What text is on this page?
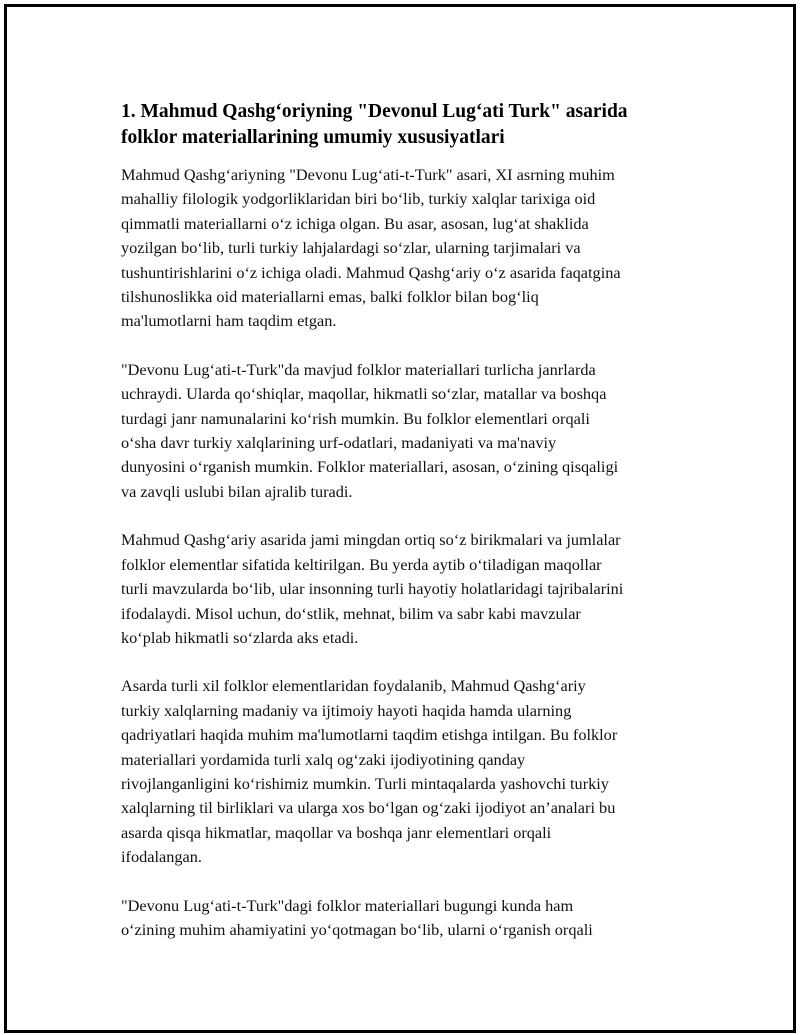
1. Mahmud Qashg‘oriyning "Devonul Lug‘ati Turk" asarida
folklor materiallarining umumiy xususiyatlari

Mahmud Qashg‘ariyning "Devonu Lug‘ati-t-Turk" asari, XI asrning muhim
mahalliy filologik yodgorliklaridan biri bo‘lib, turkiy xalqlar tarixiga oid
qimmatli materiallarni o‘z ichiga olgan. Bu asar, asosan, lug‘at shaklida
yozilgan bo‘lib, turli turkiy lahjalardagi so‘zlar, ularning tarjimalari va
tushuntirishlarini o‘z ichiga oladi. Mahmud Qashg‘ariy o‘z asarida faqatgina
tilshunoslikka oid materiallarni emas, balki folklor bilan bog‘liq
ma'lumotlarni ham taqdim etgan.

"Devonu Lug‘ati-t-Turk"da mavjud folklor materiallari turlicha janrlarda
uchraydi. Ularda qo‘shiqlar, maqollar, hikmatli so‘zlar, matallar va boshqa
turdagi janr namunalarini ko‘rish mumkin. Bu folklor elementlari orqali
o‘sha davr turkiy xalqlarining urf-odatlari, madaniyati va ma'naviy
dunyosini o‘rganish mumkin. Folklor materiallari, asosan, o‘zining qisqaligi
va zavqli uslubi bilan ajralib turadi.

Mahmud Qashg‘ariy asarida jami mingdan ortiq so‘z birikmalari va jumlalar
folklor elementlar sifatida keltirilgan. Bu yerda aytib o‘tiladigan maqollar
turli mavzularda bo‘lib, ular insonning turli hayotiy holatlaridagi tajribalarini
ifodalaydi. Misol uchun, do‘stlik, mehnat, bilim va sabr kabi mavzular
ko‘plab hikmatli so‘zlarda aks etadi.

Asarda turli xil folklor elementlaridan foydalanib, Mahmud Qashg‘ariy
turkiy xalqlarning madaniy va ijtimoiy hayoti haqida hamda ularning
qadriyatlari haqida muhim ma'lumotlarni taqdim etishga intilgan. Bu folklor
materiallari yordamida turli xalq og‘zaki ijodiyotining qanday
rivojlanganligini ko‘rishimiz mumkin. Turli mintaqalarda yashovchi turkiy
xalqlarning til birliklari va ularga xos bo‘lgan og‘zaki ijodiyot an’analari bu
asarda qisqa hikmatlar, maqollar va boshqa janr elementlari orqali
ifodalangan.

"Devonu Lug‘ati-t-Turk"dagi folklor materiallari bugungi kunda ham
o‘zining muhim ahamiyatini yo‘qotmagan bo‘lib, ularni o‘rganish orqali
